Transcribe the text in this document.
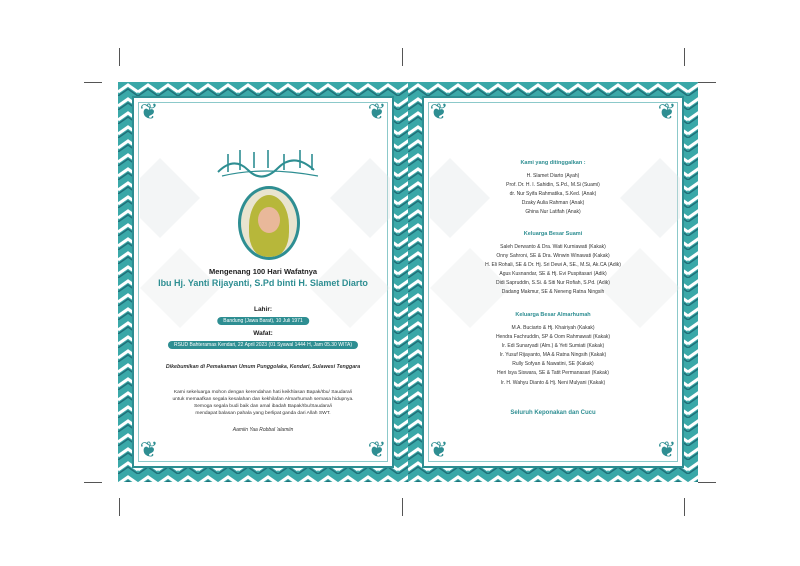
❦	❦
❦	❦
Mengenang 100 Hari Wafatnya
Ibu Hj. Yanti Rijayanti, S.Pd binti H. Slamet Diarto
Lahir:
Bandung (Jawa Barat), 10 Juli 1971
Wafat:
RSUD Bahteramas Kendari, 22 April 2023 (01 Syawal 1444 H, Jam 05.30 WITA)
Dikebumikan di Pemakaman Umum Punggolaka, Kendari, Sulawesi Tenggara
Kami sekeluarga mohon dengan kerendahan hati keikhlasan Bapak/Ibu/ Saudara/i
untuk memaafkan segala kesalahan dan kekhilafan Almarhumah semasa hidupnya.
Semoga segala budi baik dan amal ibadah Bapak/Ibu/Saudara/i
mendapat balasan pahala yang berlipat ganda dari Allah SWT.
Aamiin Yaa Robbal 'alamiin
❦	❦
❦	❦
Kami yang ditinggalkan :
H. Slamet Diarto (Ayah)
Prof. Dr. H. I. Sahidin, S.Pd., M.Si (Suami)
dr. Nur Syifa Rahmatika, S.Ked. (Anak)
Dzaky Aulia Rahman (Anak)
Ghina Nur Latifah (Anak)
Keluarga Besar Suami
Saleh Derwanto & Dra. Wati Kurniawati (Kakak)
Onny Sahroni, SE & Dra. Winwin Winawati (Kakak)
H. Eli Rohali, SE & Dr. Hj. Sri Dewi A, SE., M.Si, Ak.CA (Adik)
Agus Kusnandar, SE & Hj. Evi Puspitasari (Adik)
Didi Sapruddin, S.Si. & Siti Nur Rofiah, S.Pd. (Adik)
Dadang Makmur, SE & Neneng Ratna Ningsih
Keluarga Besar Almarhumah
M.A. Buciarto & Hj. Khairiyah (Kakak)
Hendra Fachruddin, SP & Oom Rahmawati (Kakak)
Ir. Edi Sunaryadi (Alm.) & Yeti Sumiati (Kakak)
Ir. Yusuf Rijayanto, MA & Ratna Ningsih (Kakak)
Rully Sofyan & Nawatini, SE (Kakak)
Heri Isya Siswara, SE & Tatit Permanasari (Kakak)
Ir. H. Wahyu Dianto & Hj. Neni Mulyani (Kakak)
Seluruh Keponakan dan Cucu
